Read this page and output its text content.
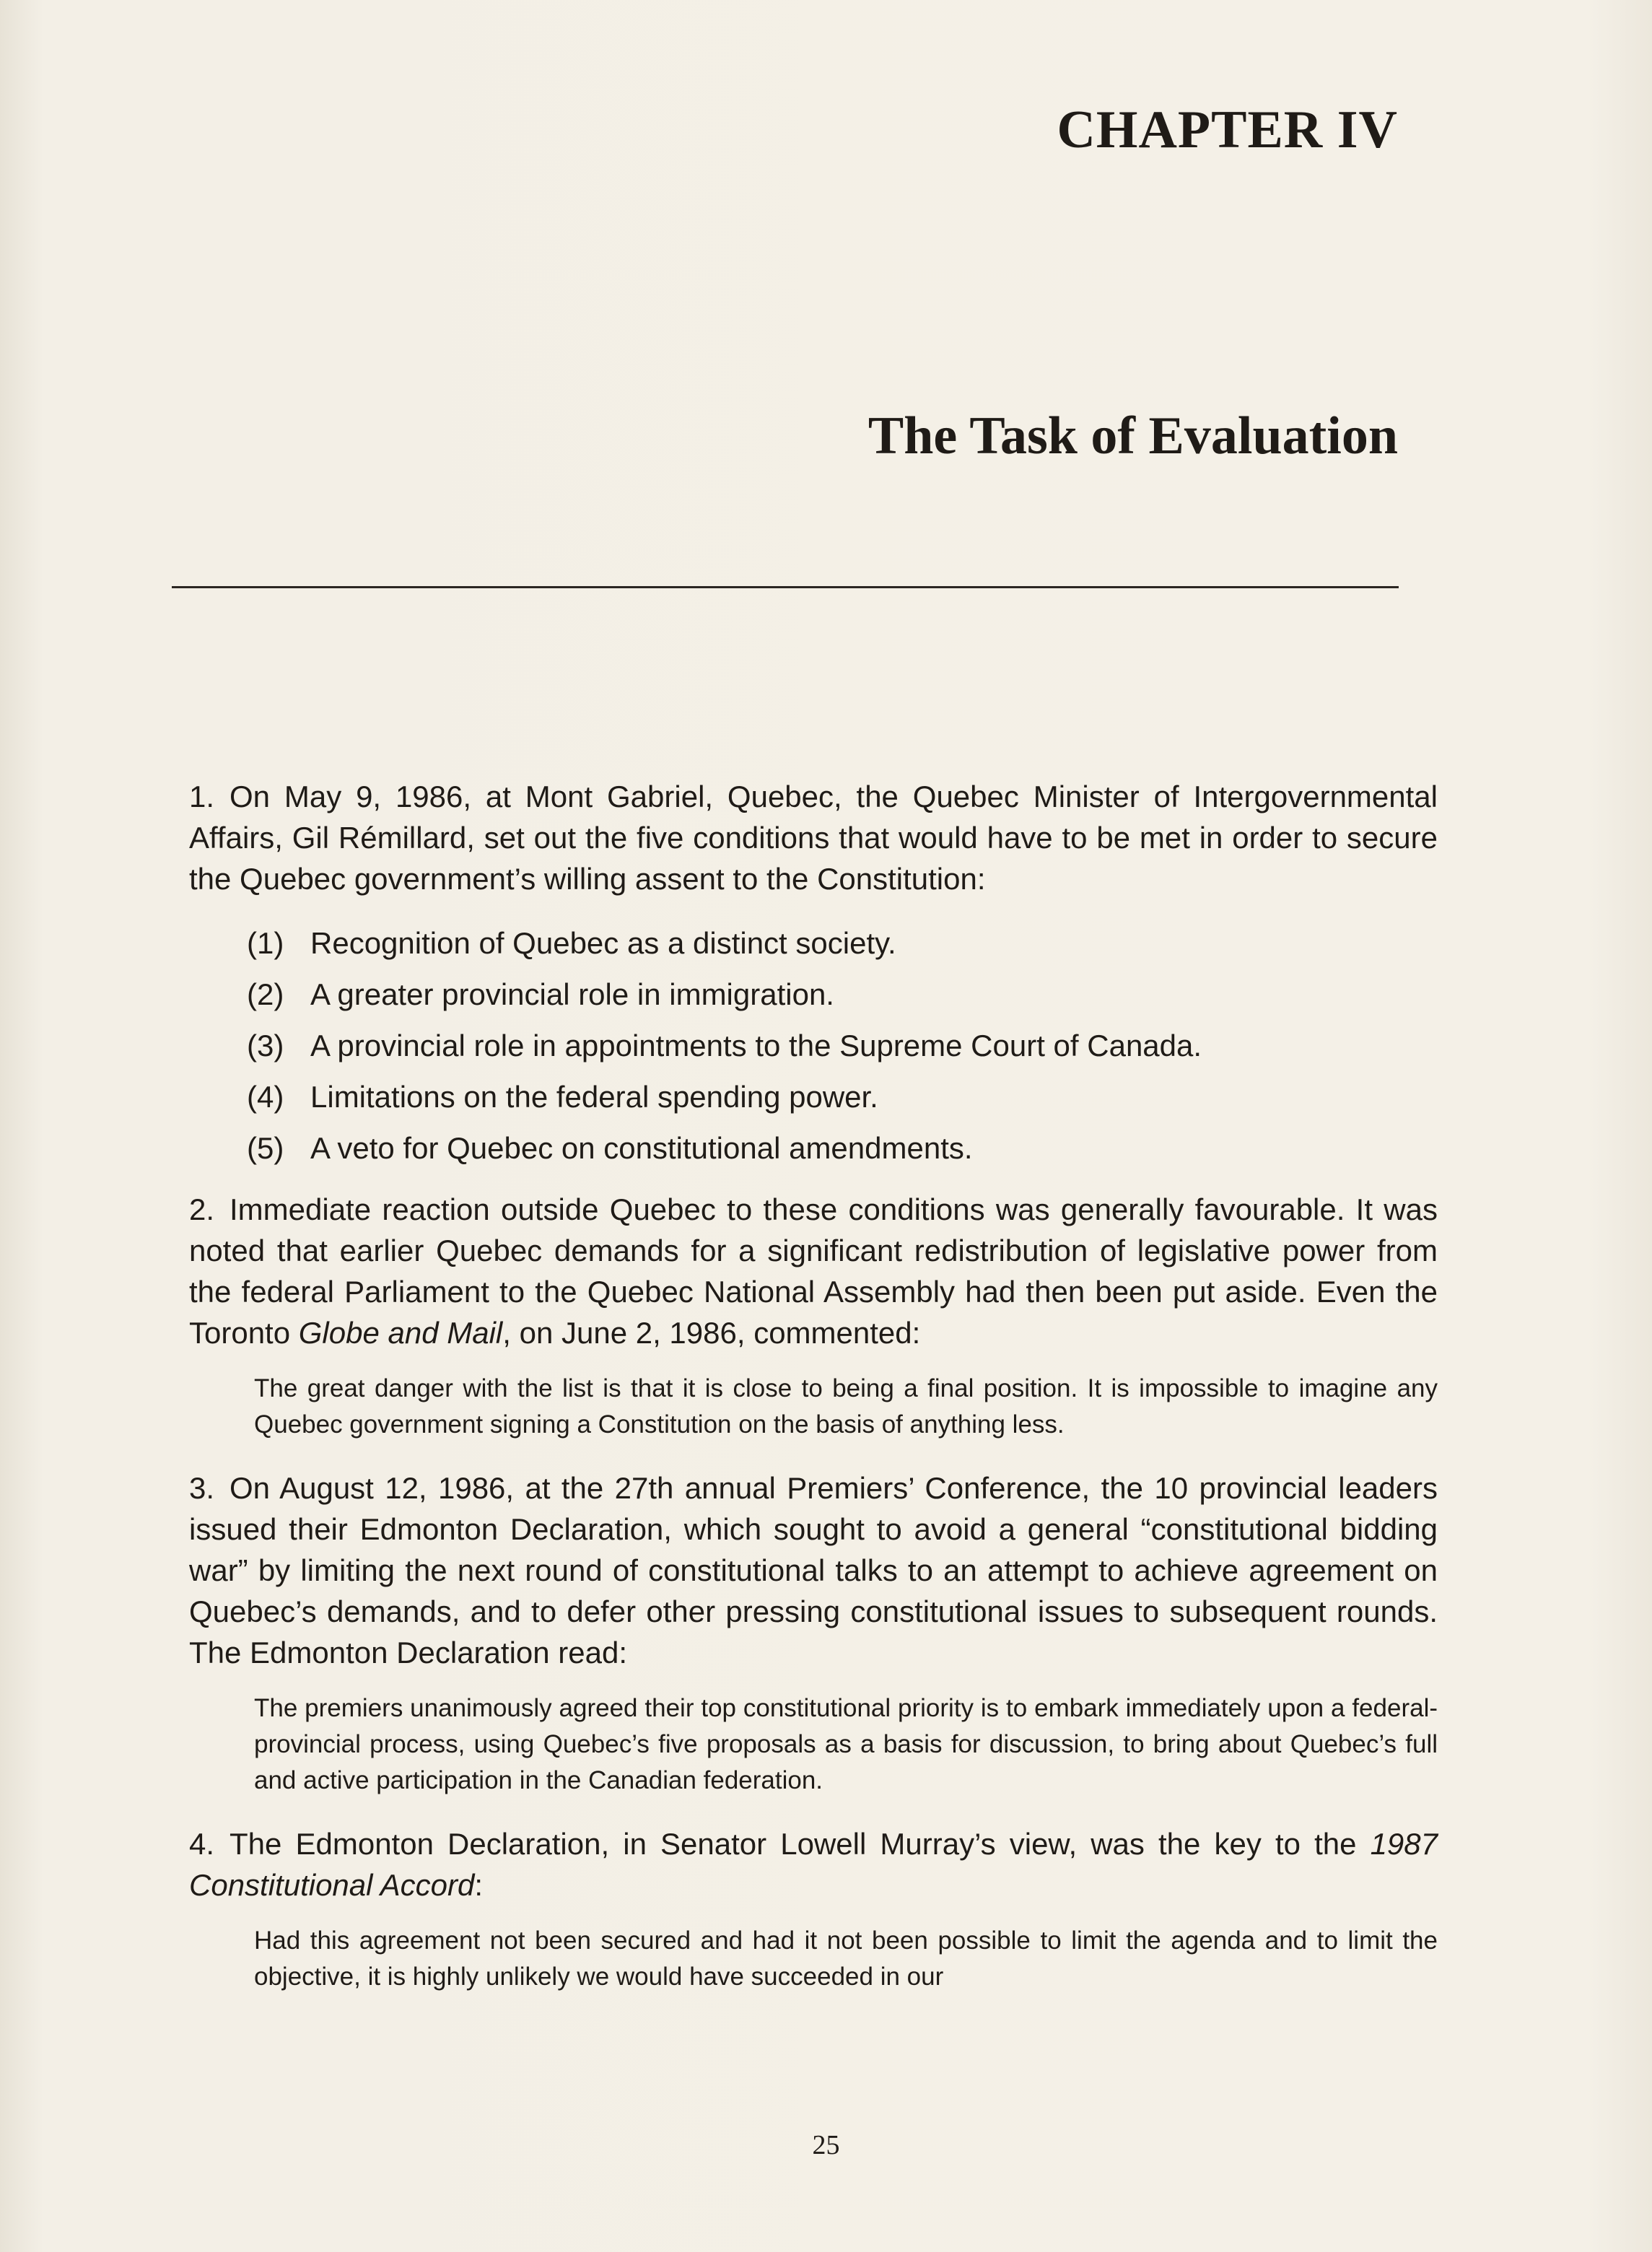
CHAPTER IV
The Task of Evaluation

1. On May 9, 1986, at Mont Gabriel, Quebec, the Quebec Minister of Intergovernmental Affairs, Gil Rémillard, set out the five conditions that would have to be met in order to secure the Quebec government’s willing assent to the Constitution:

(1) Recognition of Quebec as a distinct society.
(2) A greater provincial role in immigration.
(3) A provincial role in appointments to the Supreme Court of Canada.
(4) Limitations on the federal spending power.
(5) A veto for Quebec on constitutional amendments.

2. Immediate reaction outside Quebec to these conditions was generally favourable. It was noted that earlier Quebec demands for a significant redistribution of legislative power from the federal Parliament to the Quebec National Assembly had then been put aside. Even the Toronto Globe and Mail, on June 2, 1986, commented:

The great danger with the list is that it is close to being a final position. It is impossible to imagine any Quebec government signing a Constitution on the basis of anything less.

3. On August 12, 1986, at the 27th annual Premiers’ Conference, the 10 provincial leaders issued their Edmonton Declaration, which sought to avoid a general “constitutional bidding war” by limiting the next round of constitutional talks to an attempt to achieve agreement on Quebec’s demands, and to defer other pressing constitutional issues to subsequent rounds. The Edmonton Declaration read:

The premiers unanimously agreed their top constitutional priority is to embark immediately upon a federal-provincial process, using Quebec’s five proposals as a basis for discussion, to bring about Quebec’s full and active participation in the Canadian federation.

4. The Edmonton Declaration, in Senator Lowell Murray’s view, was the key to the 1987 Constitutional Accord:

Had this agreement not been secured and had it not been possible to limit the agenda and to limit the objective, it is highly unlikely we would have succeeded in our

25
